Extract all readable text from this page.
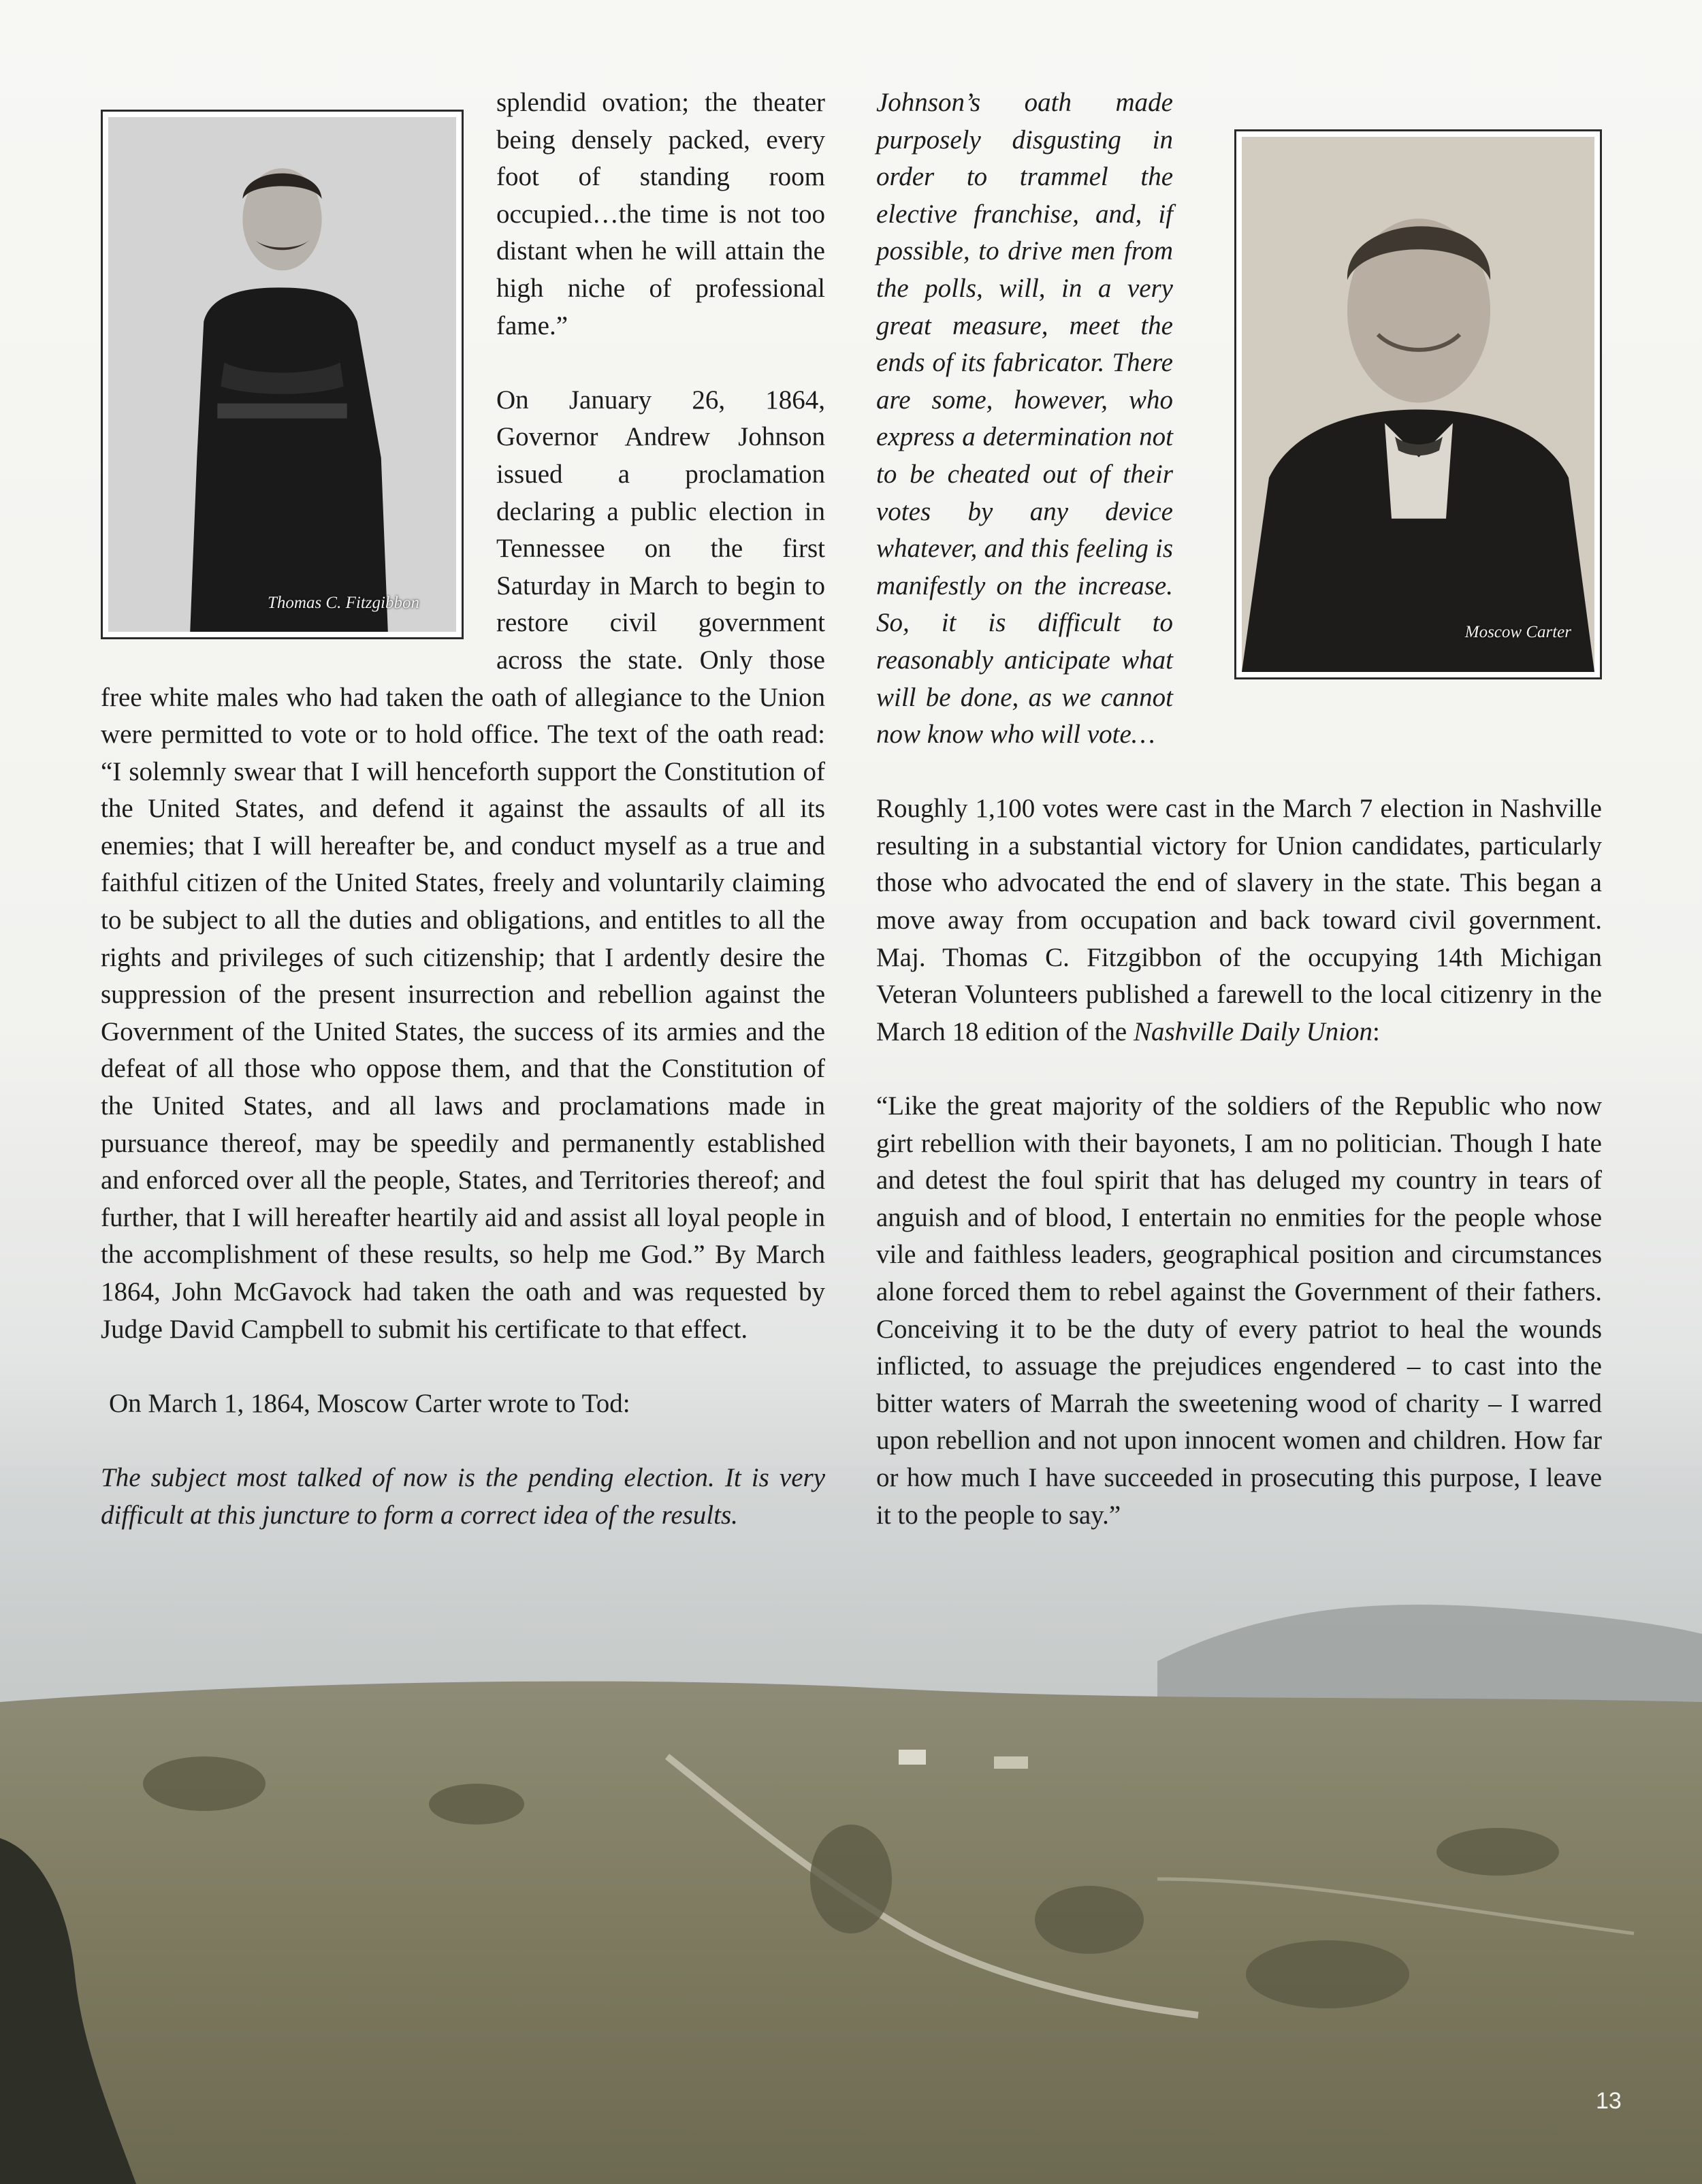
Thomas C. Fitzgibbon

splendid ovation; the theater being densely packed, every foot of standing room occupied…the time is not too distant when he will attain the high niche of professional fame.”

On January 26, 1864, Governor Andrew Johnson issued a proclamation declaring a public election in Tennessee on the first Saturday in March to begin to restore civil government across the state. Only those free white males who had taken the oath of allegiance to the Union were permitted to vote or to hold office. The text of the oath read: “I solemnly swear that I will henceforth support the Constitution of the United States, and defend it against the assaults of all its enemies; that I will hereafter be, and conduct myself as a true and faithful citizen of the United States, freely and voluntarily claiming to be subject to all the duties and obligations, and entitles to all the rights and privileges of such citizenship; that I ardently desire the suppression of the present insurrection and rebellion against the Government of the United States, the success of its armies and the defeat of all those who oppose them, and that the Constitution of the United States, and all laws and proclamations made in pursuance thereof, may be speedily and permanently established and enforced over all the people, States, and Territories thereof; and further, that I will hereafter heartily aid and assist all loyal people in the accomplishment of these results, so help me God.” By March 1864, John McGavock had taken the oath and was requested by Judge David Campbell to submit his certificate to that effect.

On March 1, 1864, Moscow Carter wrote to Tod:

The subject most talked of now is the pending election. It is very difficult at this juncture to form a correct idea of the results.

Moscow Carter

Johnson’s oath made purposely disgusting in order to trammel the elective franchise, and, if possible, to drive men from the polls, will, in a very great measure, meet the ends of its fabricator. There are some, however, who express a determination not to be cheated out of their votes by any device whatever, and this feeling is manifestly on the increase. So, it is difficult to reasonably anticipate what will be done, as we cannot now know who will vote…

Roughly 1,100 votes were cast in the March 7 election in Nashville resulting in a substantial victory for Union candidates, particularly those who advocated the end of slavery in the state. This began a move away from occupation and back toward civil government. Maj. Thomas C. Fitzgibbon of the occupying 14th Michigan Veteran Volunteers published a farewell to the local citizenry in the March 18 edition of the Nashville Daily Union:

“Like the great majority of the soldiers of the Republic who now girt rebellion with their bayonets, I am no politician. Though I hate and detest the foul spirit that has deluged my country in tears of anguish and of blood, I entertain no enmities for the people whose vile and faithless leaders, geographical position and circumstances alone forced them to rebel against the Government of their fathers. Conceiving it to be the duty of every patriot to heal the wounds inflicted, to assuage the prejudices engendered – to cast into the bitter waters of Marrah the sweetening wood of charity – I warred upon rebellion and not upon innocent women and children. How far or how much I have succeeded in prosecuting this purpose, I leave it to the people to say.”

13
